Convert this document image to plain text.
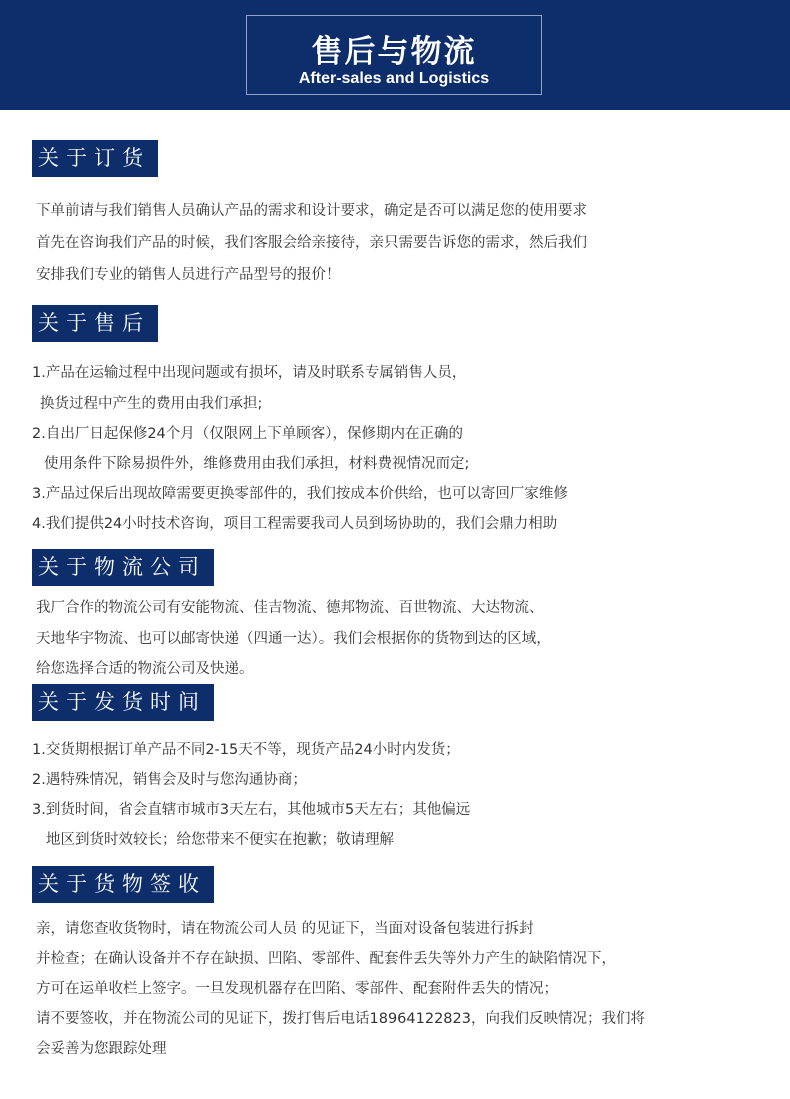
售后与物流
After-sales and Logistics
关于订货
下单前请与我们销售人员确认产品的需求和设计要求，确定是否可以满足您的使用要求
首先在咨询我们产品的时候，我们客服会给亲接待，亲只需要告诉您的需求，然后我们
安排我们专业的销售人员进行产品型号的报价！
关于售后
1.产品在运输过程中出现问题或有损坏，请及时联系专属销售人员，
换货过程中产生的费用由我们承担;
2.自出厂日起保修24个月（仅限网上下单顾客），保修期内在正确的
使用条件下除易损件外，维修费用由我们承担，材料费视情况而定;
3.产品过保后出现故障需要更换零部件的，我们按成本价供给，也可以寄回厂家维修
4.我们提供24小时技术咨询，项目工程需要我司人员到场协助的，我们会鼎力相助
关于物流公司
我厂合作的物流公司有安能物流、佳吉物流、德邦物流、百世物流、大达物流、
天地华宇物流、也可以邮寄快递（四通一达）。我们会根据你的货物到达的区域，
给您选择合适的物流公司及快递。
关于发货时间
1.交货期根据订单产品不同2-15天不等，现货产品24小时内发货；
2.遇特殊情况，销售会及时与您沟通协商；
3.到货时间，省会直辖市城市3天左右，其他城市5天左右；其他偏远
地区到货时效较长；给您带来不便实在抱歉；敬请理解
关于货物签收
亲，请您查收货物时，请在物流公司人员 的见证下，当面对设备包装进行拆封
并检查；在确认设备并不存在缺损、凹陷、零部件、配套件丢失等外力产生的缺陷情况下，
方可在运单收栏上签字。一旦发现机器存在凹陷、零部件、配套附件丢失的情况；
请不要签收，并在物流公司的见证下，拨打售后电话18964122823，向我们反映情况；我们将
会妥善为您跟踪处理
